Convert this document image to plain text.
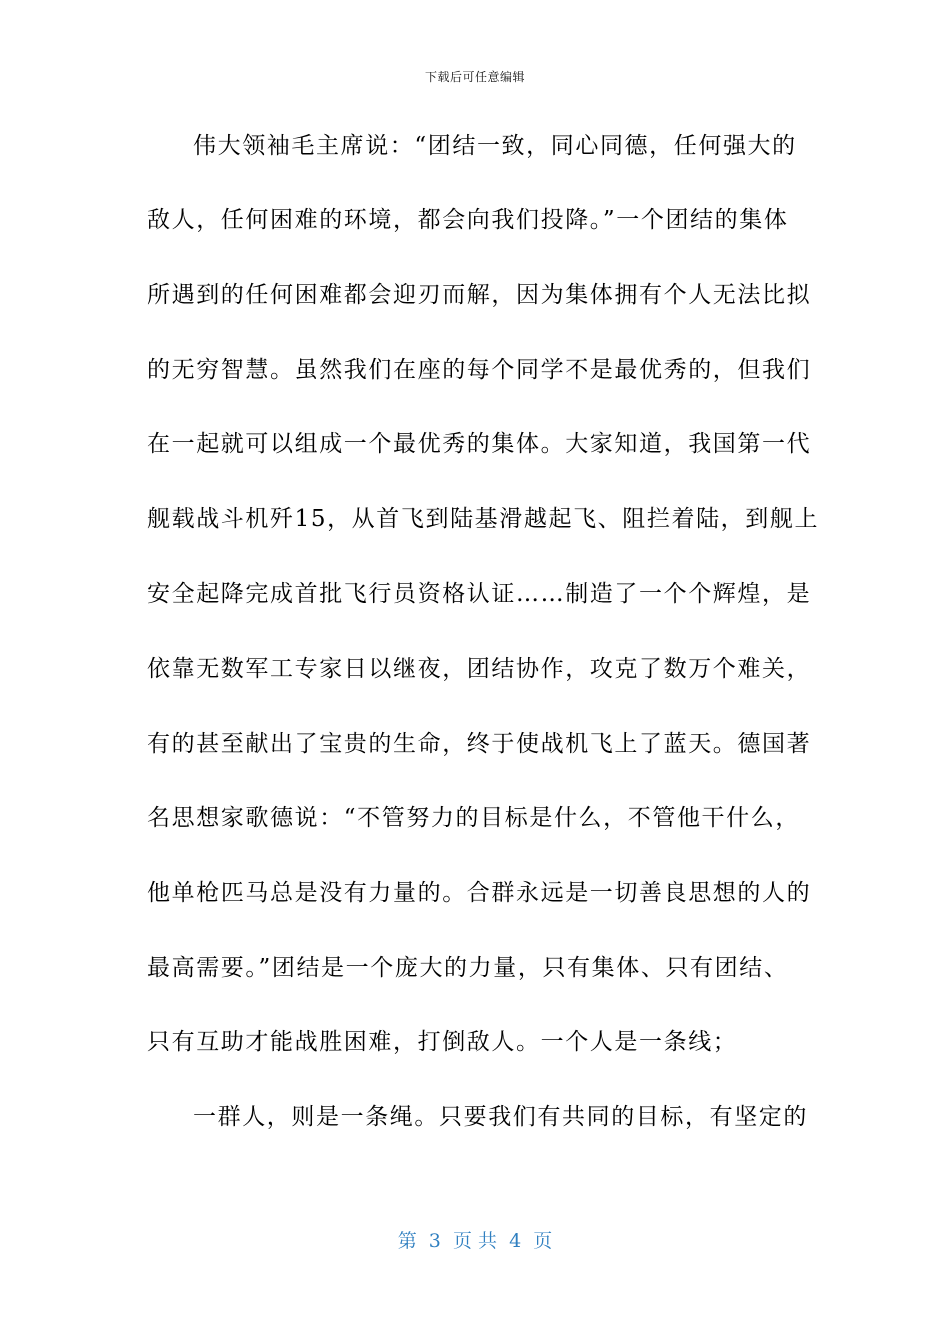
下载后可任意编辑
伟大领袖毛主席说：“团结一致，同心同德，任何强大的
敌人，任何困难的环境，都会向我们投降。”一个团结的集体
所遇到的任何困难都会迎刃而解，因为集体拥有个人无法比拟
的无穷智慧。虽然我们在座的每个同学不是最优秀的，但我们
在一起就可以组成一个最优秀的集体。大家知道，我国第一代
舰载战斗机歼15，从首飞到陆基滑越起飞、阻拦着陆，到舰上
安全起降完成首批飞行员资格认证……制造了一个个辉煌，是
依靠无数军工专家日以继夜，团结协作，攻克了数万个难关，
有的甚至献出了宝贵的生命，终于使战机飞上了蓝天。德国著
名思想家歌德说：“不管努力的目标是什么，不管他干什么，
他单枪匹马总是没有力量的。合群永远是一切善良思想的人的
最高需要。”团结是一个庞大的力量，只有集体、只有团结、
只有互助才能战胜困难，打倒敌人。一个人是一条线；
一群人，则是一条绳。只要我们有共同的目标，有坚定的
第  3  页 共  4  页
